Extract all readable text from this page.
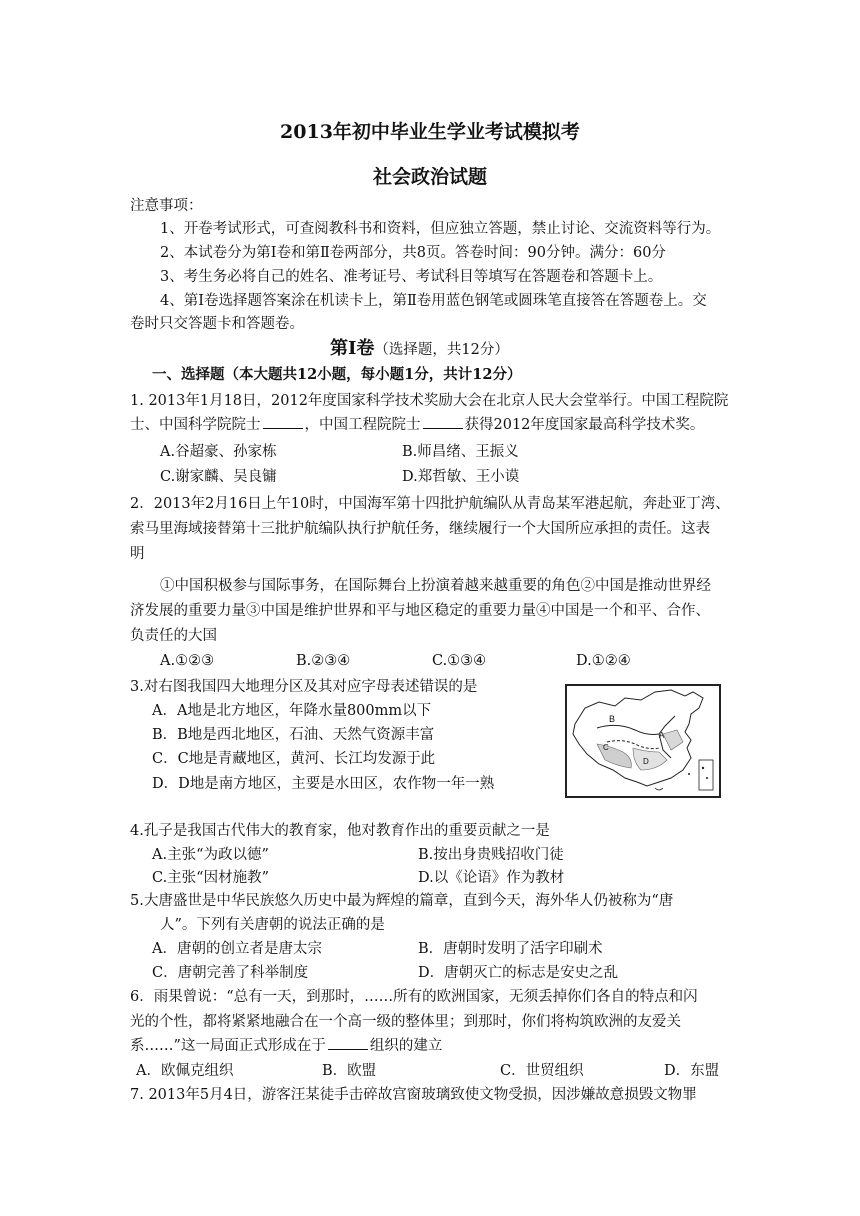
2013年初中毕业生学业考试模拟考
社会政治试题
注意事项：
1、开卷考试形式，可查阅教科书和资料，但应独立答题，禁止讨论、交流资料等行为。
2、本试卷分为第Ⅰ卷和第Ⅱ卷两部分，共8页。答卷时间：90分钟。满分：60分
3、考生务必将自己的姓名、准考证号、考试科目等填写在答题卷和答题卡上。
4、第Ⅰ卷选择题答案涂在机读卡上，第Ⅱ卷用蓝色钢笔或圆珠笔直接答在答题卷上。交
卷时只交答题卡和答题卷。
第Ⅰ卷（选择题，共12分）
一、选择题（本大题共12小题，每小题1分，共计12分）
1. 2013年1月18日，2012年度国家科学技术奖励大会在北京人民大会堂举行。中国工程院院
士、中国科学院院士	，中国工程院院士	获得2012年度国家最高科学技术奖。
A.谷超豪、孙家栋	B.师昌绪、王振义
C.谢家麟、吴良镛	D.郑哲敏、王小谟
2．2013年2月16日上午10时，中国海军第十四批护航编队从青岛某军港起航，奔赴亚丁湾、
索马里海域接替第十三批护航编队执行护航任务，继续履行一个大国所应承担的责任。这表
明
①中国积极参与国际事务，在国际舞台上扮演着越来越重要的角色②中国是推动世界经
济发展的重要力量③中国是维护世界和平与地区稳定的重要力量④中国是一个和平、合作、
负责任的大国
A.①②③	B.②③④	C.①③④	D.①②④
3.对右图我国四大地理分区及其对应字母表述错误的是
A．A地是北方地区，年降水量800mm以下
B．B地是西北地区，石油、天然气资源丰富
C．C地是青藏地区，黄河、长江均发源于此
D．D地是南方地区，主要是水田区，农作物一年一熟
B
C
A
D
4.孔子是我国古代伟大的教育家，他对教育作出的重要贡献之一是
A.主张“为政以德”	B.按出身贵贱招收门徒
C.主张“因材施教”	D.以《论语》作为教材
5.大唐盛世是中华民族悠久历史中最为辉煌的篇章，直到今天，海外华人仍被称为“唐
人”。下列有关唐朝的说法正确的是
A．唐朝的创立者是唐太宗	B．唐朝时发明了活字印刷术
C．唐朝完善了科举制度	D．唐朝灭亡的标志是安史之乱
6．雨果曾说：“总有一天，到那时，……所有的欧洲国家，无须丢掉你们各自的特点和闪
光的个性，都将紧紧地融合在一个高一级的整体里；到那时，你们将构筑欧洲的友爱关
系……”这一局面正式形成在于	组织的建立
A．欧佩克组织	B．欧盟	C．世贸组织	D．东盟
7. 2013年5月4日，游客汪某徒手击碎故宫窗玻璃致使文物受损，因涉嫌故意损毁文物罪
